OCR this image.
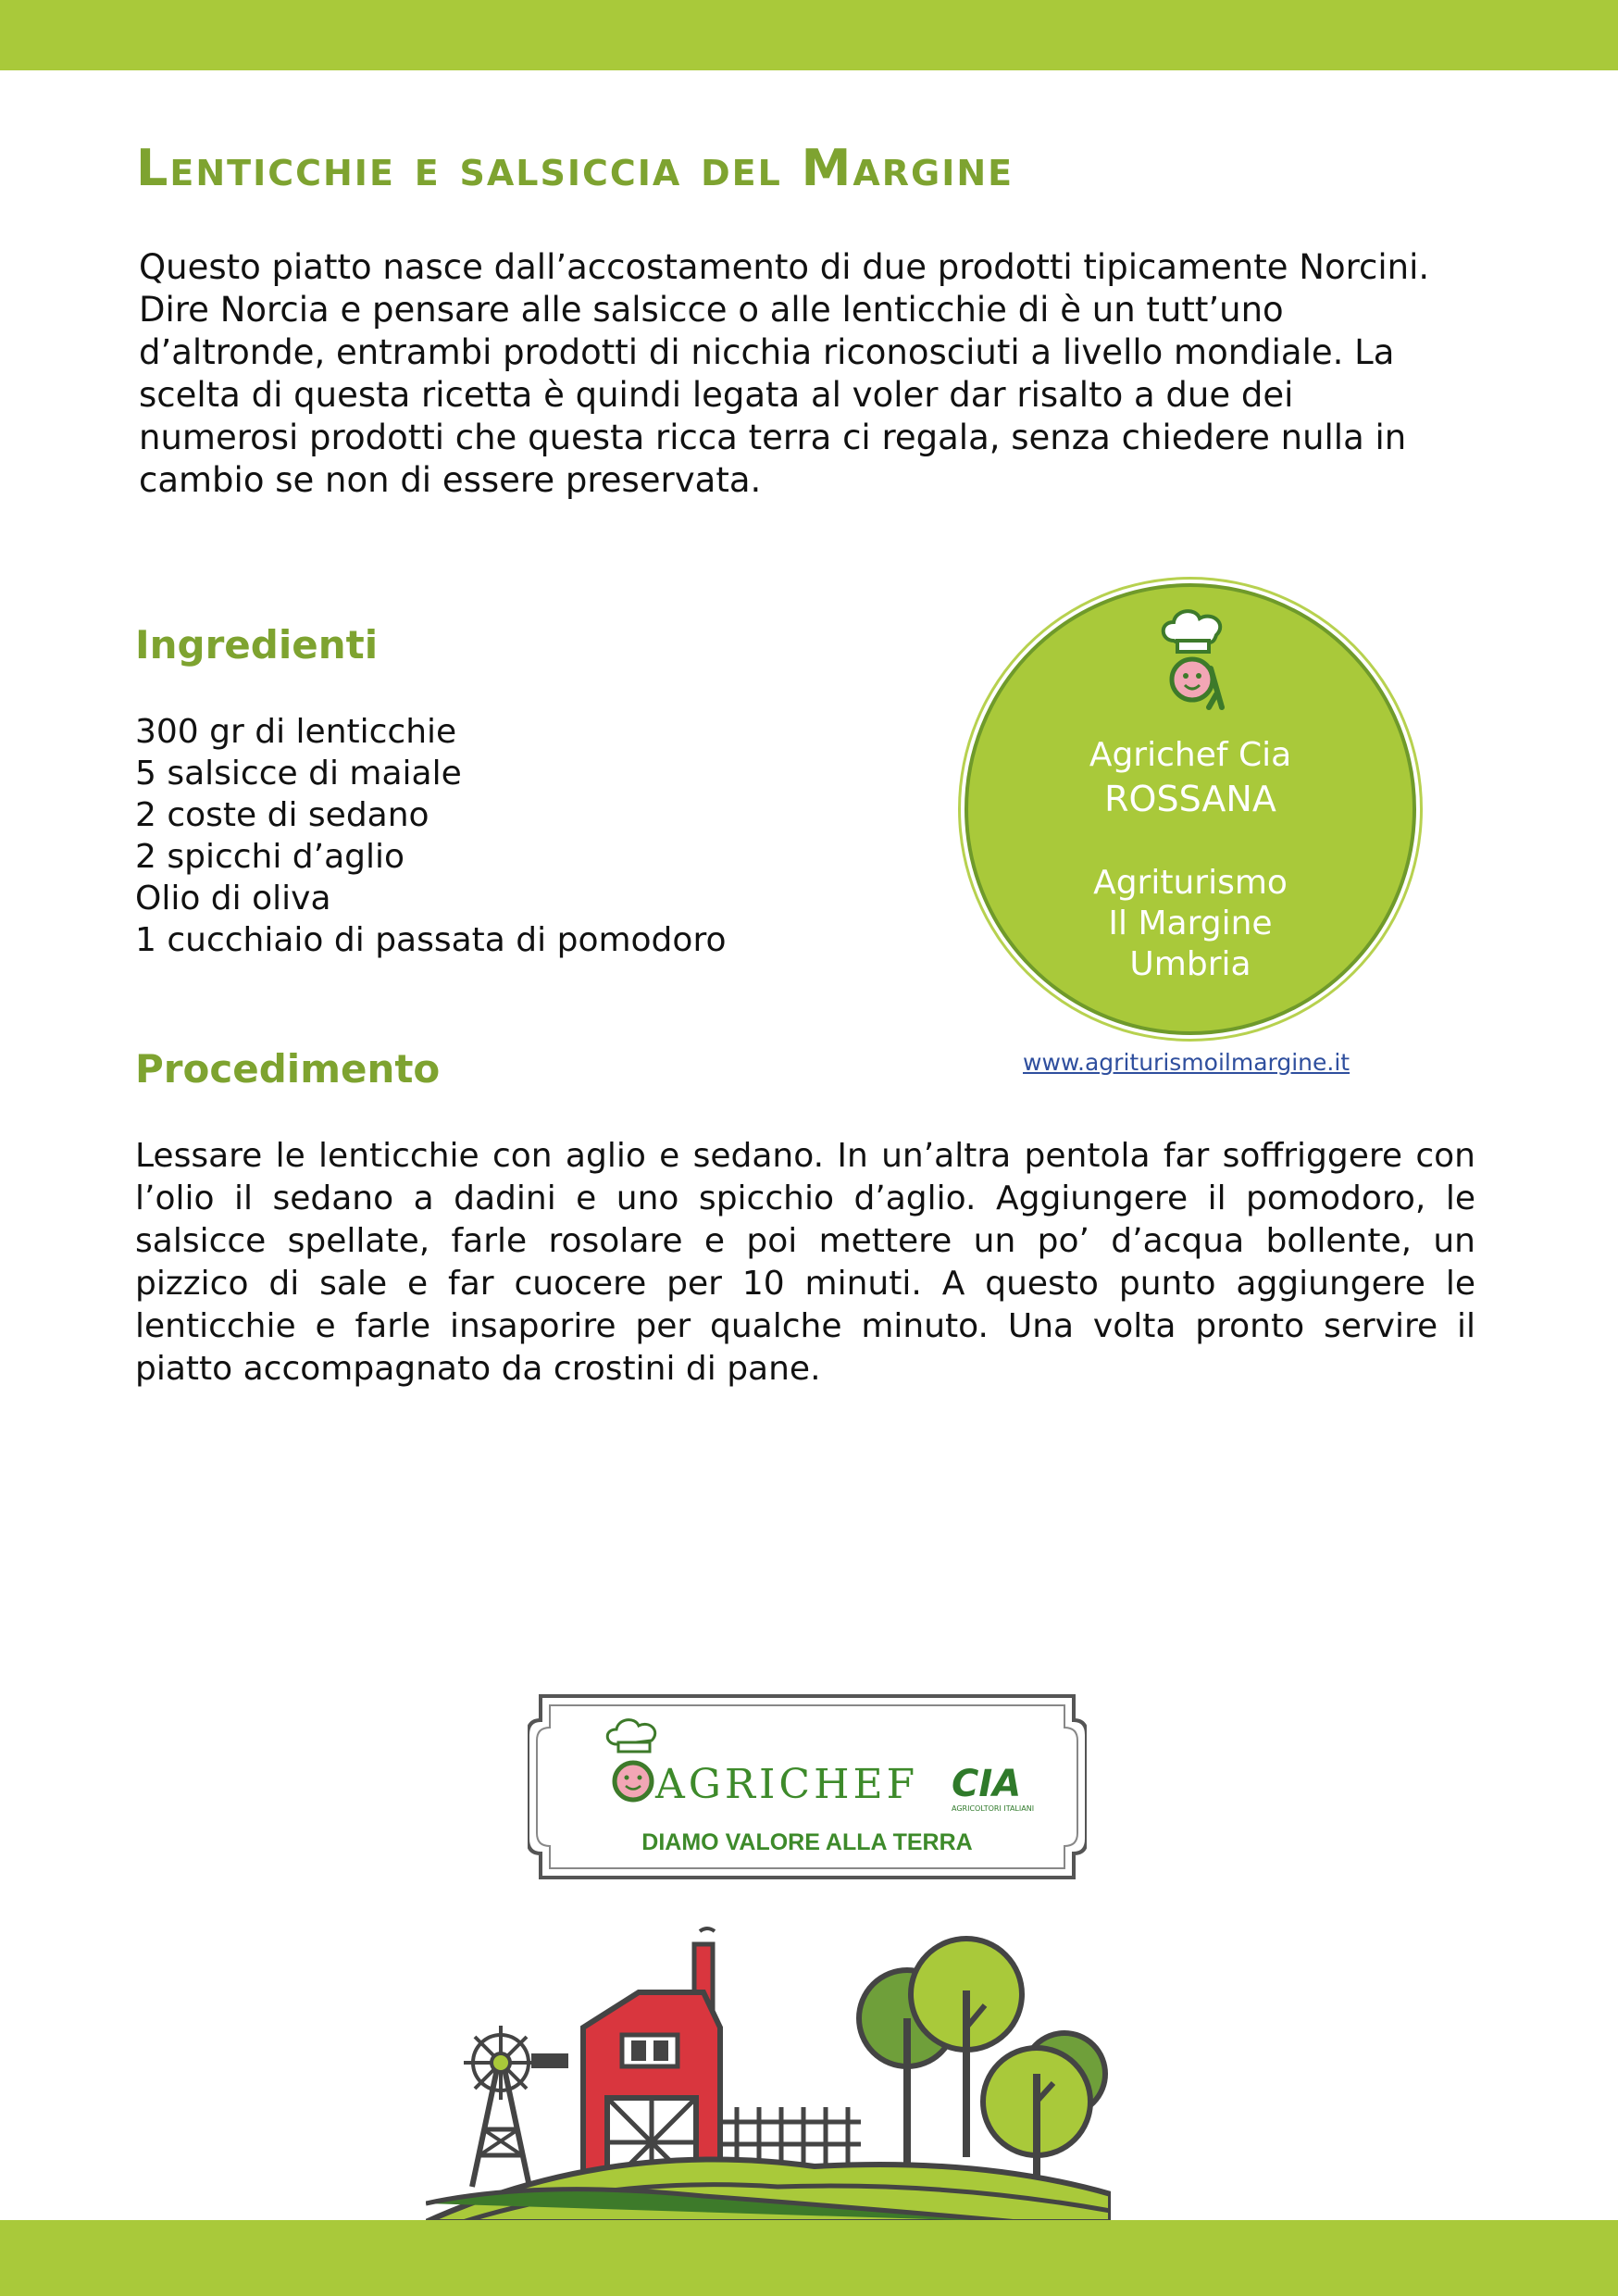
Lenticchie e salsiccia del Margine

Questo piatto nasce dall’accostamento di due prodotti tipicamente Norcini.

Dire Norcia e pensare alle salsicce o alle lenticchie di è un tutt’uno d’altronde, entrambi prodotti di nicchia riconosciuti a livello mondiale. La scelta di questa ricetta è quindi legata al voler dar risalto a due dei numerosi prodotti che questa ricca terra ci regala, senza chiedere nulla in cambio se non di essere preservata.

Ingredienti
300 gr di lenticchie
5 salsicce di maiale
2 coste di sedano
2 spicchi d’aglio
Olio di oliva
1 cucchiaio di passata di pomodoro
Agrichef Cia
ROSSANA
Agriturismo
Il Margine
Umbria
www.agriturismoilmargine.it
Procedimento

Lessare le lenticchie con aglio e sedano. In un’altra pentola far soffriggere con l’olio il sedano a dadini e uno spicchio d’aglio. Aggiungere il pomodoro, le salsicce spellate, farle rosolare e poi mettere un po’ d’acqua bollente, un pizzico di sale e far cuocere per 10 minuti. A questo punto aggiungere le lenticchie e farle insaporire per qualche minuto. Una volta pronto servire il piatto accompagnato da crostini di pane.

AGRICHEF CIA
AGRICOLTORI ITALIANI
DIAMO VALORE ALLA TERRA
